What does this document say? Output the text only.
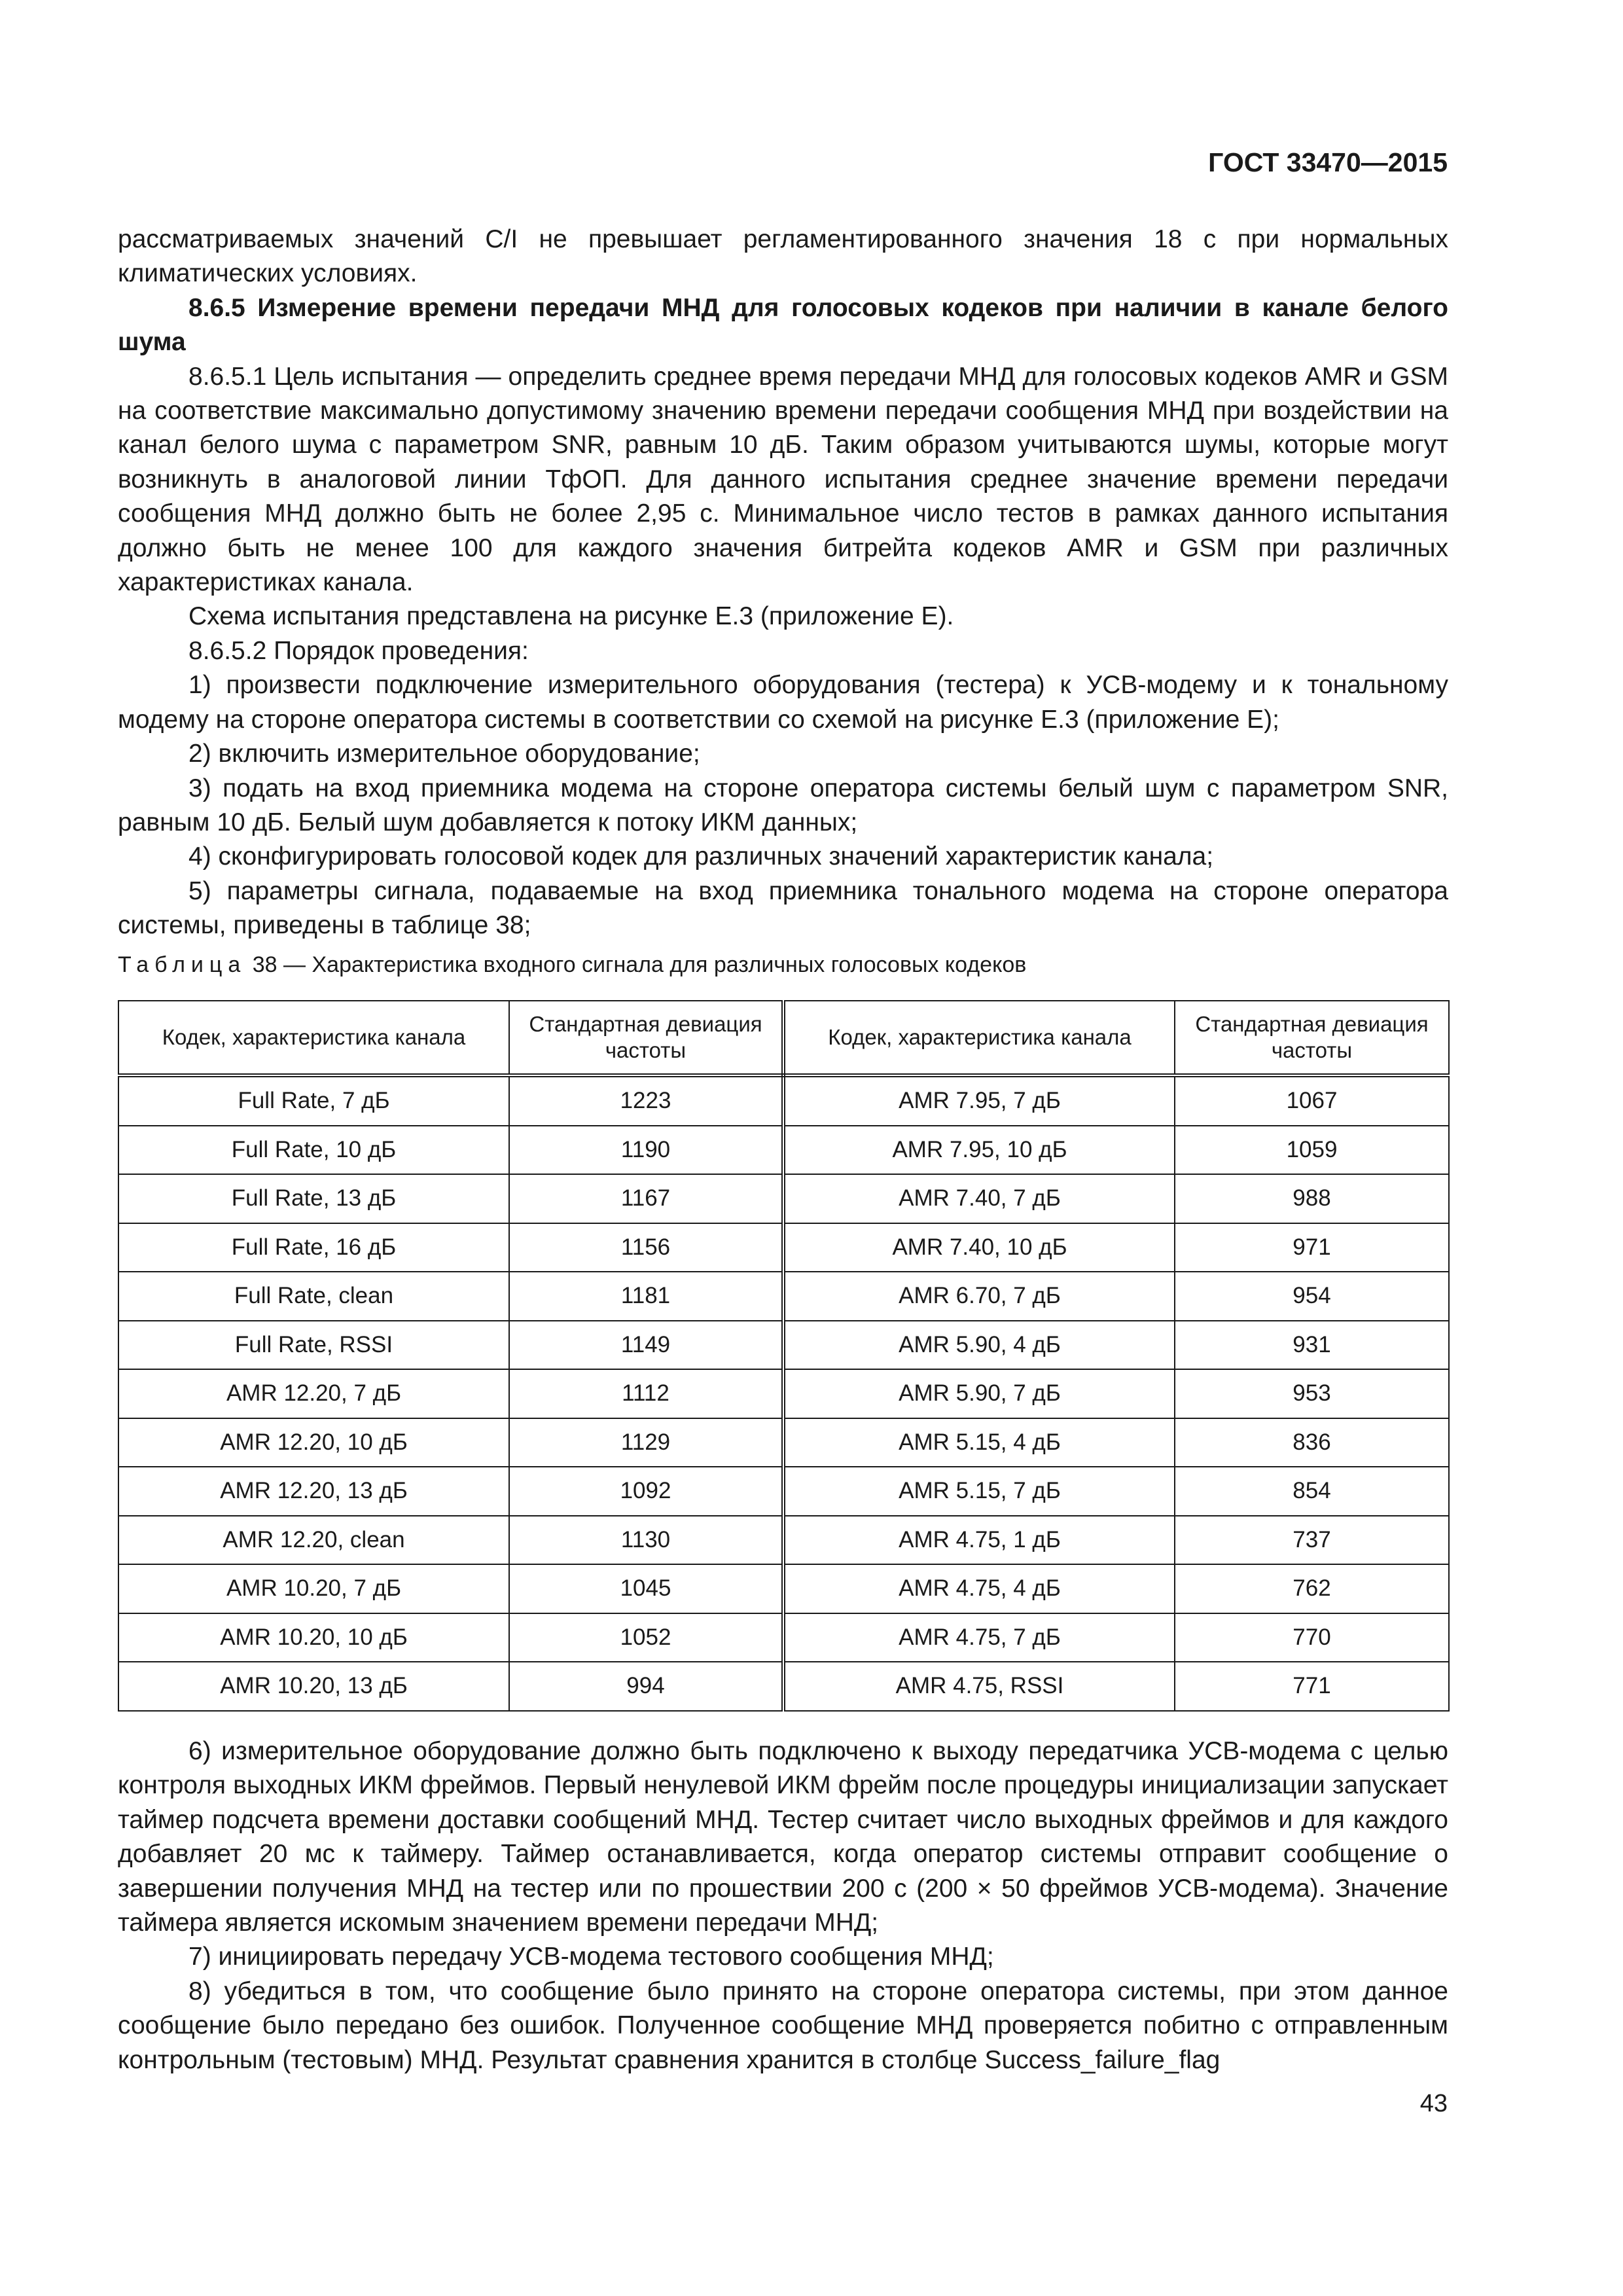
ГОСТ 33470—2015

рассматриваемых значений C/I не превышает регламентированного значения 18 с при нормальных климатических условиях.

8.6.5 Измерение времени передачи МНД для голосовых кодеков при наличии в канале белого шума

8.6.5.1 Цель испытания — определить среднее время передачи МНД для голосовых кодеков AMR и GSM на соответствие максимально допустимому значению времени передачи сообщения МНД при воздействии на канал белого шума с параметром SNR, равным 10 дБ. Таким образом учитываются шумы, которые могут возникнуть в аналоговой линии ТфОП. Для данного испытания среднее значение времени передачи сообщения МНД должно быть не более 2,95 с. Минимальное число тестов в рамках данного испытания должно быть не менее 100 для каждого значения битрейта кодеков AMR и GSM при различных характеристиках канала.

Схема испытания представлена на рисунке Е.3 (приложение Е).

8.6.5.2 Порядок проведения:

1) произвести подключение измерительного оборудования (тестера) к УСВ-модему и к тональному модему на стороне оператора системы в соответствии со схемой на рисунке Е.3 (приложение Е);

2) включить измерительное оборудование;

3) подать на вход приемника модема на стороне оператора системы белый шум с параметром SNR, равным 10 дБ. Белый шум добавляется к потоку ИКМ данных;

4) сконфигурировать голосовой кодек для различных значений характеристик канала;

5) параметры сигнала, подаваемые на вход приемника тонального модема на стороне оператора системы, приведены в таблице 38;

Таблица 38 — Характеристика входного сигнала для различных голосовых кодеков
Кодек, характеристика канала	Стандартная девиация частоты	Кодек, характеристика канала	Стандартная девиация частоты
Full Rate, 7 дБ	1223	AMR 7.95, 7 дБ	1067
Full Rate, 10 дБ	1190	AMR 7.95, 10 дБ	1059
Full Rate, 13 дБ	1167	AMR 7.40, 7 дБ	988
Full Rate, 16 дБ	1156	AMR 7.40, 10 дБ	971
Full Rate, clean	1181	AMR 6.70, 7 дБ	954
Full Rate, RSSI	1149	AMR 5.90, 4 дБ	931
AMR 12.20, 7 дБ	1112	AMR 5.90, 7 дБ	953
AMR 12.20, 10 дБ	1129	AMR 5.15, 4 дБ	836
AMR 12.20, 13 дБ	1092	AMR 5.15, 7 дБ	854
AMR 12.20, clean	1130	AMR 4.75, 1 дБ	737
AMR 10.20, 7 дБ	1045	AMR 4.75, 4 дБ	762
AMR 10.20, 10 дБ	1052	AMR 4.75, 7 дБ	770
AMR 10.20, 13 дБ	994	AMR 4.75, RSSI	771

6) измерительное оборудование должно быть подключено к выходу передатчика УСВ-модема с целью контроля выходных ИКМ фреймов. Первый ненулевой ИКМ фрейм после процедуры инициализации запускает таймер подсчета времени доставки сообщений МНД. Тестер считает число выходных фреймов и для каждого добавляет 20 мс к таймеру. Таймер останавливается, когда оператор системы отправит сообщение о завершении получения МНД на тестер или по прошествии 200 с (200 × 50 фреймов УСВ-модема). Значение таймера является искомым значением времени передачи МНД;

7) инициировать передачу УСВ-модема тестового сообщения МНД;

8) убедиться в том, что сообщение было принято на стороне оператора системы, при этом данное сообщение было передано без ошибок. Полученное сообщение МНД проверяется побитно с отправленным контрольным (тестовым) МНД. Результат сравнения хранится в столбце Success_failure_flag

43
